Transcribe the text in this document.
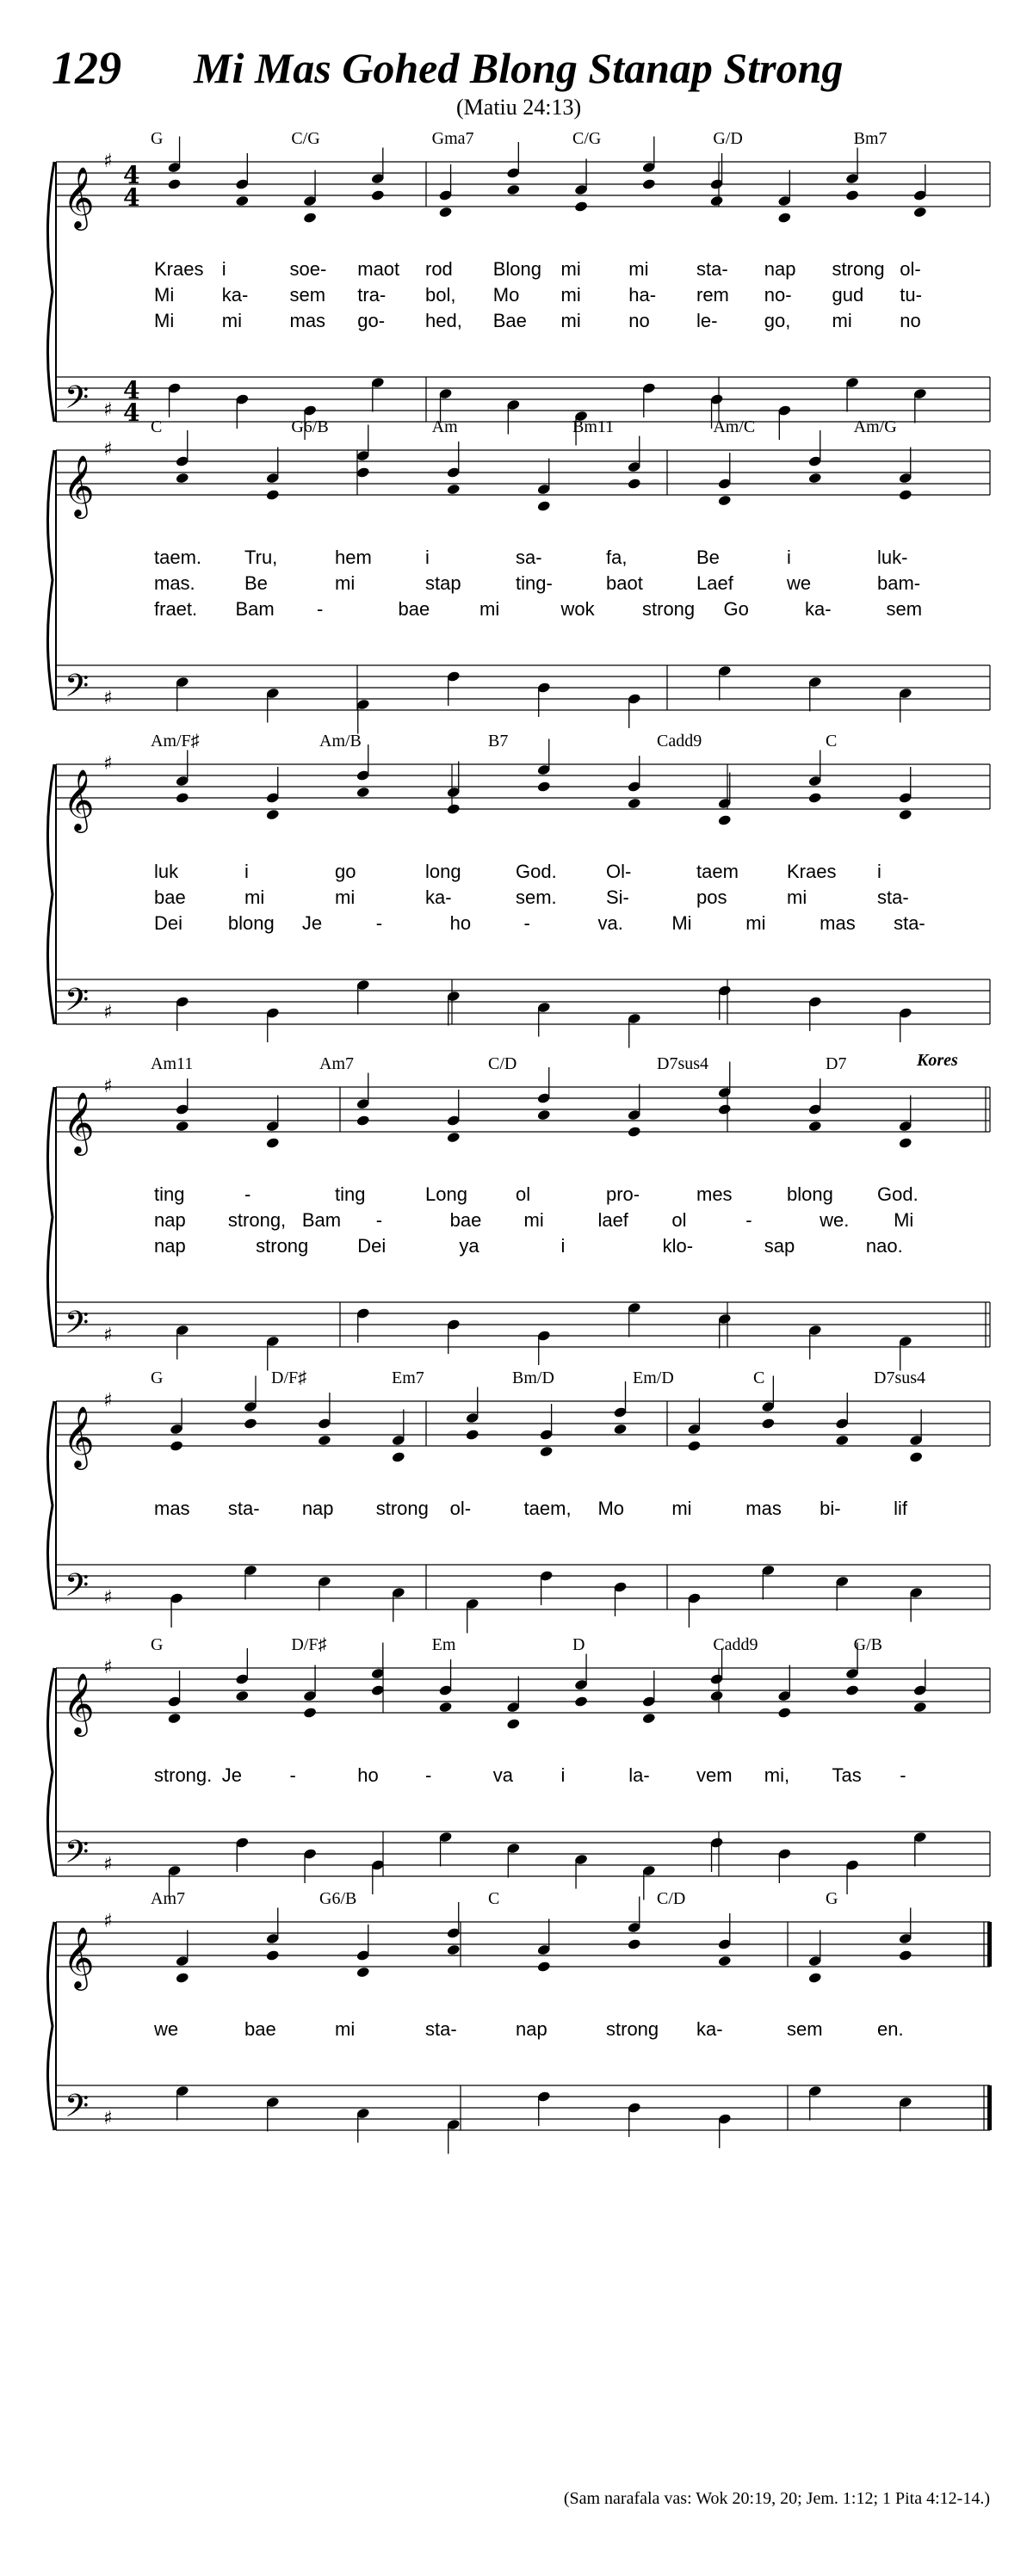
129 Mi Mas Gohed Blong Stanap Strong
(Matiu 24:13)
𝄞
𝄢
♯
♯
4
4
4
4
G	C/G	Gma7	C/G	G/D	Bm7
Kraes i	soe- maot rod Blong mi	mi	sta- nap strong ol-
Mi	ka- sem tra- bol, Mo mi	ha- rem no- gud tu-
Mi	mi	mas go- hed, Bae mi	no le- go, mi	no
𝄞
𝄢
♯
♯
C	G6/B	Am	Bm11	Am/C	Am/G
taem. Tru,	hem	i	sa-	fa,	Be	i	luk-
mas.	Be	mi	stap	ting-	baot	Laef	we	bam-
fraet. Bam -	bae	mi	wok	strong Go	ka-	sem
𝄞
𝄢
♯
♯
Am/F♯	Am/B	B7	Cadd9	C
luk	i	go	long	God.	Ol-	taem	Kraes i
bae	mi	mi	ka-	sem.	Si-	pos	mi	sta-
Dei blong Je	-	ho	-	va.	Mi	mi	mas sta-
𝄞
𝄢
♯
♯
Am11	Am7	C/D	D7sus4	D7	Kores
ting	-	ting	Long	ol	pro-	mes	blong God.
nap strong, Bam -	bae mi	laef ol	-	we. Mi
nap	strong	Dei	ya	i	klo-	sap	nao.
𝄞
𝄢
♯
♯
G	D/F♯	Em7	Bm/D	Em/D	C	D7sus4
mas sta- nap strong ol-	taem, Mo	mi	mas bi-	lif
𝄞
𝄢
♯
♯
G	D/F♯	Em	D	Cadd9	G/B
strong. Je	-	ho -	va	i	la- vem mi, Tas -
𝄞
𝄢
♯
♯
Am7	G6/B	C	C/D	G
we	bae	mi	sta-	nap	strong ka-	sem	en.
(Sam narafala vas: Wok 20:19, 20; Jem. 1:12; 1 Pita 4:12-14.)
